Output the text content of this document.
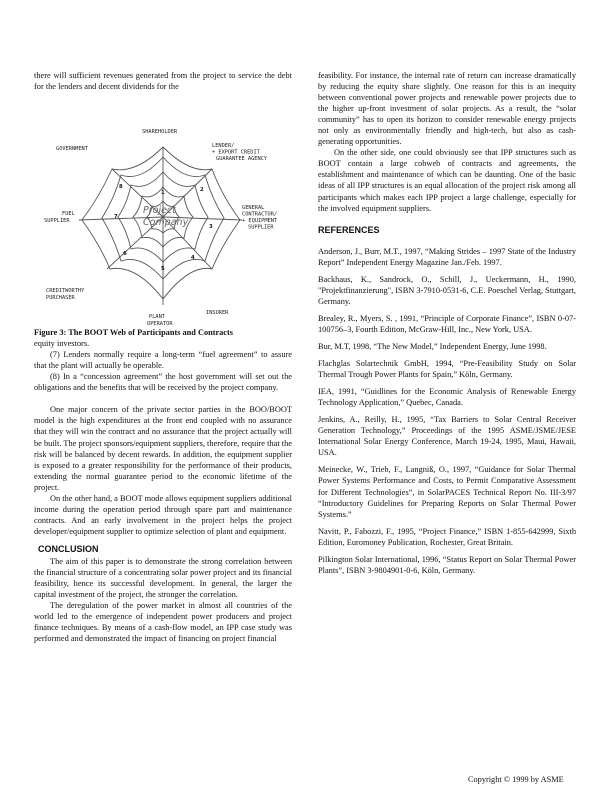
there will sufficient revenues generated from the project to service the debt for the lenders and decent dividends for the

SHAREHOLDER
GOVERNMENT	LENDER/
+ EXPORT CREDIT
GUARANTEE AGENCY
FUEL
SUPPLIER
GENERAL
CONTRACTOR/
+ EQUIPMENT
SUPPLIER
CREDITWORTHY
PURCHASER
INSURER
PLANT
OPERATOR
Project
Company
1	2
3
4
5
6
7
8

Figure 3: The BOOT Web of Participants and Contracts

equity investors.

(7) Lenders normally require a long-term “fuel agreement” to assure that the plant will actually be operable.

(8) In a “concession agreement” the host government will set out the obligations and the benefits that will be received by the project company.

One major concern of the private sector parties in the BOO/BOOT model is the high expenditures at the front end coupled with no assurance that they will win the contract and no assurance that the project actually will be built. The project sponsors/equipment suppliers, therefore, require that the risk will be balanced by decent rewards. In addition, the equipment supplier is exposed to a greater responsibility for the performance of their products, extending the normal guarantee period to the economic lifetime of the project.

On the other hand, a BOOT mode allows equipment suppliers additional income during the operation period through spare part and maintenance contracts. And an early involvement in the project helps the project developer/equipment supplier to optimize selection of plant and equipment.

CONCLUSION

The aim of this paper is to demonstrate the strong correlation between the financial structure of a concentrating solar power project and its financial feasibility, hence its successful development. In general, the larger the capital investment of the project, the stronger the correlation.

The deregulation of the power market in almost all countries of the world led to the emergence of independent power producers and project finance techniques. By means of a cash-flow model, an IPP case study was performed and demonstrated the impact of financing on project financial

feasibility. For instance, the internal rate of return can increase dramatically by reducing the equity share slightly. One reason for this is an inequity between conventional power projects and renewable power projects due to the higher up-front investment of solar projects. As a result, the “solar community” has to open its horizon to consider renewable energy projects not only as environmentally friendly and high-tech, but also as cash-generating opportunities.

On the other side, one could obviously see that IPP structures such as BOOT contain a large cobweb of contracts and agreements, the establishment and maintenance of which can be daunting. One of the basic ideas of all IPP structures is an equal allocation of the project risk among all participants which makes each IPP project a large challenge, especially for the involved equipment suppliers.

REFERENCES

Anderson, J., Burr, M.T., 1997, “Making Strides – 1997 State of the Industry Report” Independent Energy Magazine Jan./Feb. 1997.

Backhaus, K., Sandrock, O., Schill, J., Ueckermann, H., 1990, "Projektfinanzierung", ISBN 3-7910-0531-6, C.E. Poeschel Verlag, Stuttgart, Germany.

Brealey, R., Myers, S. , 1991, “Principle of Corporate Finance”, ISBN 0-07-100756–3, Fourth Edition, McGraw-Hill, Inc., New York, USA.

Bur, M.T, 1998, “The New Model,” Independent Energy, June 1998.

Flachglas Solartechnik GmbH, 1994, “Pre-Feasibility Study on Solar Thermal Trough Power Plants for Spain,” Köln, Germany.

IEA, 1991, “Guidlines for the Economic Analysis of Renewable Energy Technology Application,” Quebec, Canada.

Jenkins, A., Reilly, H., 1995, “Tax Barriers to Solar Central Receiver Generation Technology,” Proceedings of the 1995 ASME/JSME/JESE International Solar Energy Conference, March 19-24, 1995, Maui, Hawaii, USA.

Meinecke, W., Trieb, F., Langniß, O., 1997, “Guidance for Solar Thermal Power Systems Performance and Costs, to Permit Comparative Assessment for Different Technologies”, in SolarPACES Technical Report No. III-3/97 “Introductory Guidelines for Preparing Reports on Solar Thermal Power Systems.”

Navitt, P., Fabozzi, F., 1995, “Project Finance,” ISBN 1-855-642999, Sixth Edition, Euromoney Publication, Rochester, Great Britain.

Pilkington Solar International, 1996, “Status Report on Solar Thermal Power Plants”, ISBN 3-9804901-0-6, Köln, Germany.

Copyright © 1999 by ASME
